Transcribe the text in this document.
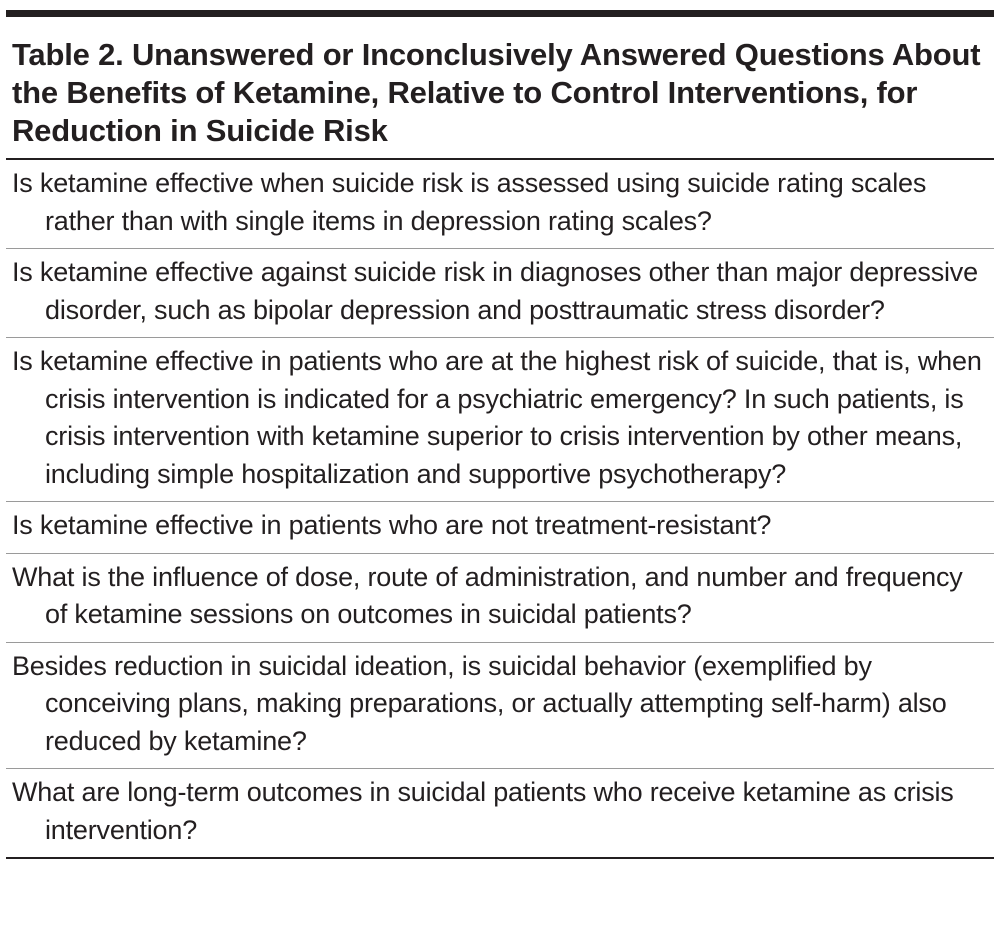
Table 2. Unanswered or Inconclusively Answered Questions About the Benefits of Ketamine, Relative to Control Interventions, for Reduction in Suicide Risk
Is ketamine effective when suicide risk is assessed using suicide rating scales rather than with single items in depression rating scales?
Is ketamine effective against suicide risk in diagnoses other than major depressive disorder, such as bipolar depression and posttraumatic stress disorder?
Is ketamine effective in patients who are at the highest risk of suicide, that is, when crisis intervention is indicated for a psychiatric emergency? In such patients, is crisis intervention with ketamine superior to crisis intervention by other means, including simple hospitalization and supportive psychotherapy?
Is ketamine effective in patients who are not treatment-resistant?
What is the influence of dose, route of administration, and number and frequency of ketamine sessions on outcomes in suicidal patients?
Besides reduction in suicidal ideation, is suicidal behavior (exemplified by conceiving plans, making preparations, or actually attempting self-harm) also reduced by ketamine?
What are long-term outcomes in suicidal patients who receive ketamine as crisis intervention?
